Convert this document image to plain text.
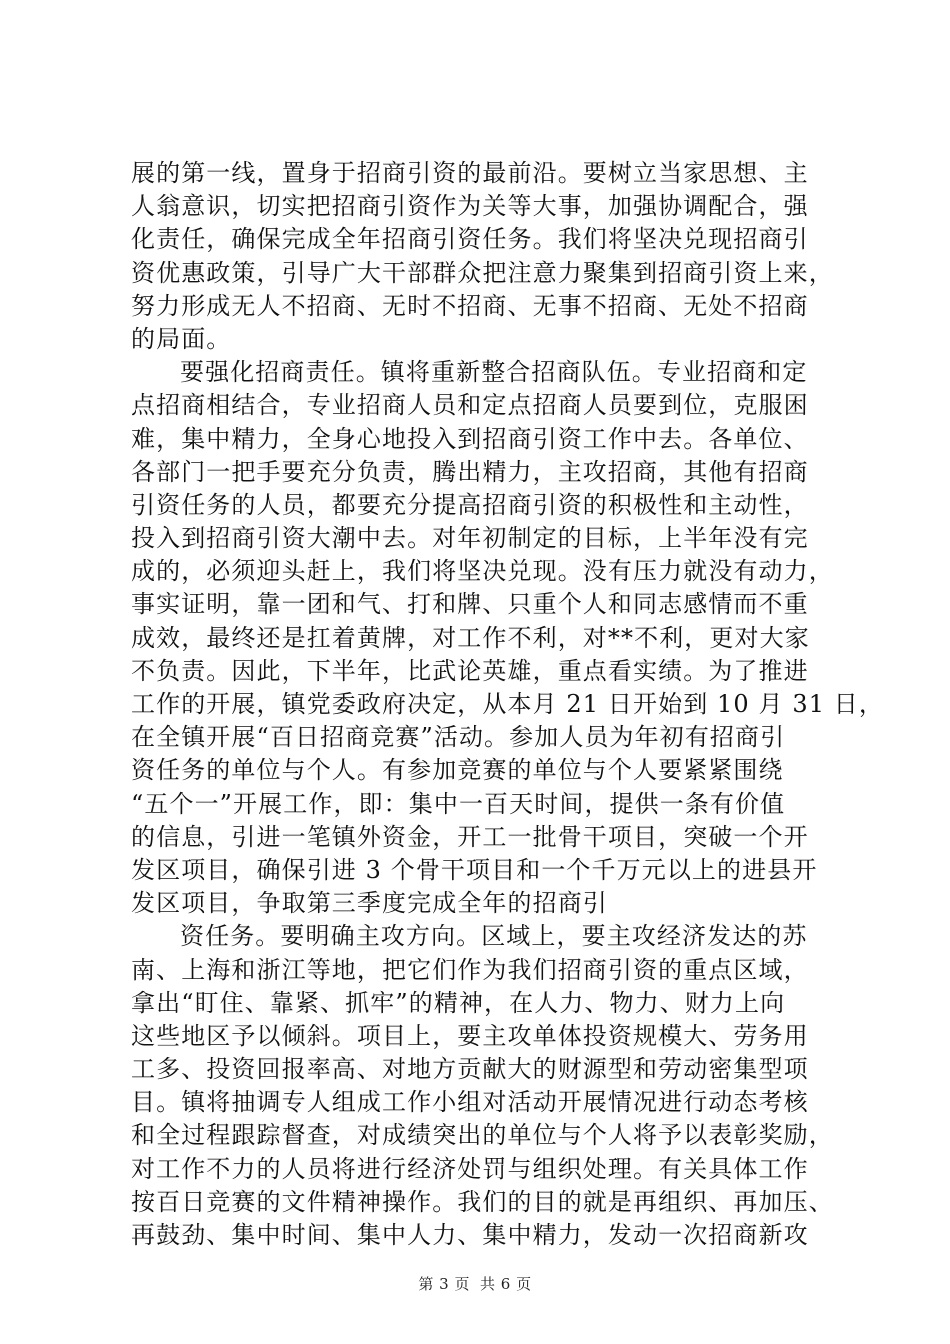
展的第一线，置身于招商引资的最前沿。要树立当家思想、主
人翁意识，切实把招商引资作为关等大事，加强协调配合，强
化责任，确保完成全年招商引资任务。我们将坚决兑现招商引
资优惠政策，引导广大干部群众把注意力聚集到招商引资上来，
努力形成无人不招商、无时不招商、无事不招商、无处不招商
的局面。
要强化招商责任。镇将重新整合招商队伍。专业招商和定
点招商相结合，专业招商人员和定点招商人员要到位，克服困
难，集中精力，全身心地投入到招商引资工作中去。各单位、
各部门一把手要充分负责，腾出精力，主攻招商，其他有招商
引资任务的人员，都要充分提高招商引资的积极性和主动性，
投入到招商引资大潮中去。对年初制定的目标，上半年没有完
成的，必须迎头赶上，我们将坚决兑现。没有压力就没有动力，
事实证明，靠一团和气、打和牌、只重个人和同志感情而不重
成效，最终还是扛着黄牌，对工作不利，对**不利，更对大家
不负责。因此，下半年，比武论英雄，重点看实绩。为了推进
工作的开展，镇党委政府决定，从本月 21 日开始到 10 月 31 日，
在全镇开展“百日招商竞赛”活动。参加人员为年初有招商引
资任务的单位与个人。有参加竞赛的单位与个人要紧紧围绕
“五个一”开展工作，即：集中一百天时间，提供一条有价值
的信息，引进一笔镇外资金，开工一批骨干项目，突破一个开
发区项目，确保引进 3 个骨干项目和一个千万元以上的进县开
发区项目，争取第三季度完成全年的招商引
资任务。要明确主攻方向。区域上，要主攻经济发达的苏
南、上海和浙江等地，把它们作为我们招商引资的重点区域，
拿出“盯住、靠紧、抓牢”的精神，在人力、物力、财力上向
这些地区予以倾斜。项目上，要主攻单体投资规模大、劳务用
工多、投资回报率高、对地方贡献大的财源型和劳动密集型项
目。镇将抽调专人组成工作小组对活动开展情况进行动态考核
和全过程跟踪督查，对成绩突出的单位与个人将予以表彰奖励，
对工作不力的人员将进行经济处罚与组织处理。有关具体工作
按百日竞赛的文件精神操作。我们的目的就是再组织、再加压、
再鼓劲、集中时间、集中人力、集中精力，发动一次招商新攻
第 3 页 共 6 页
